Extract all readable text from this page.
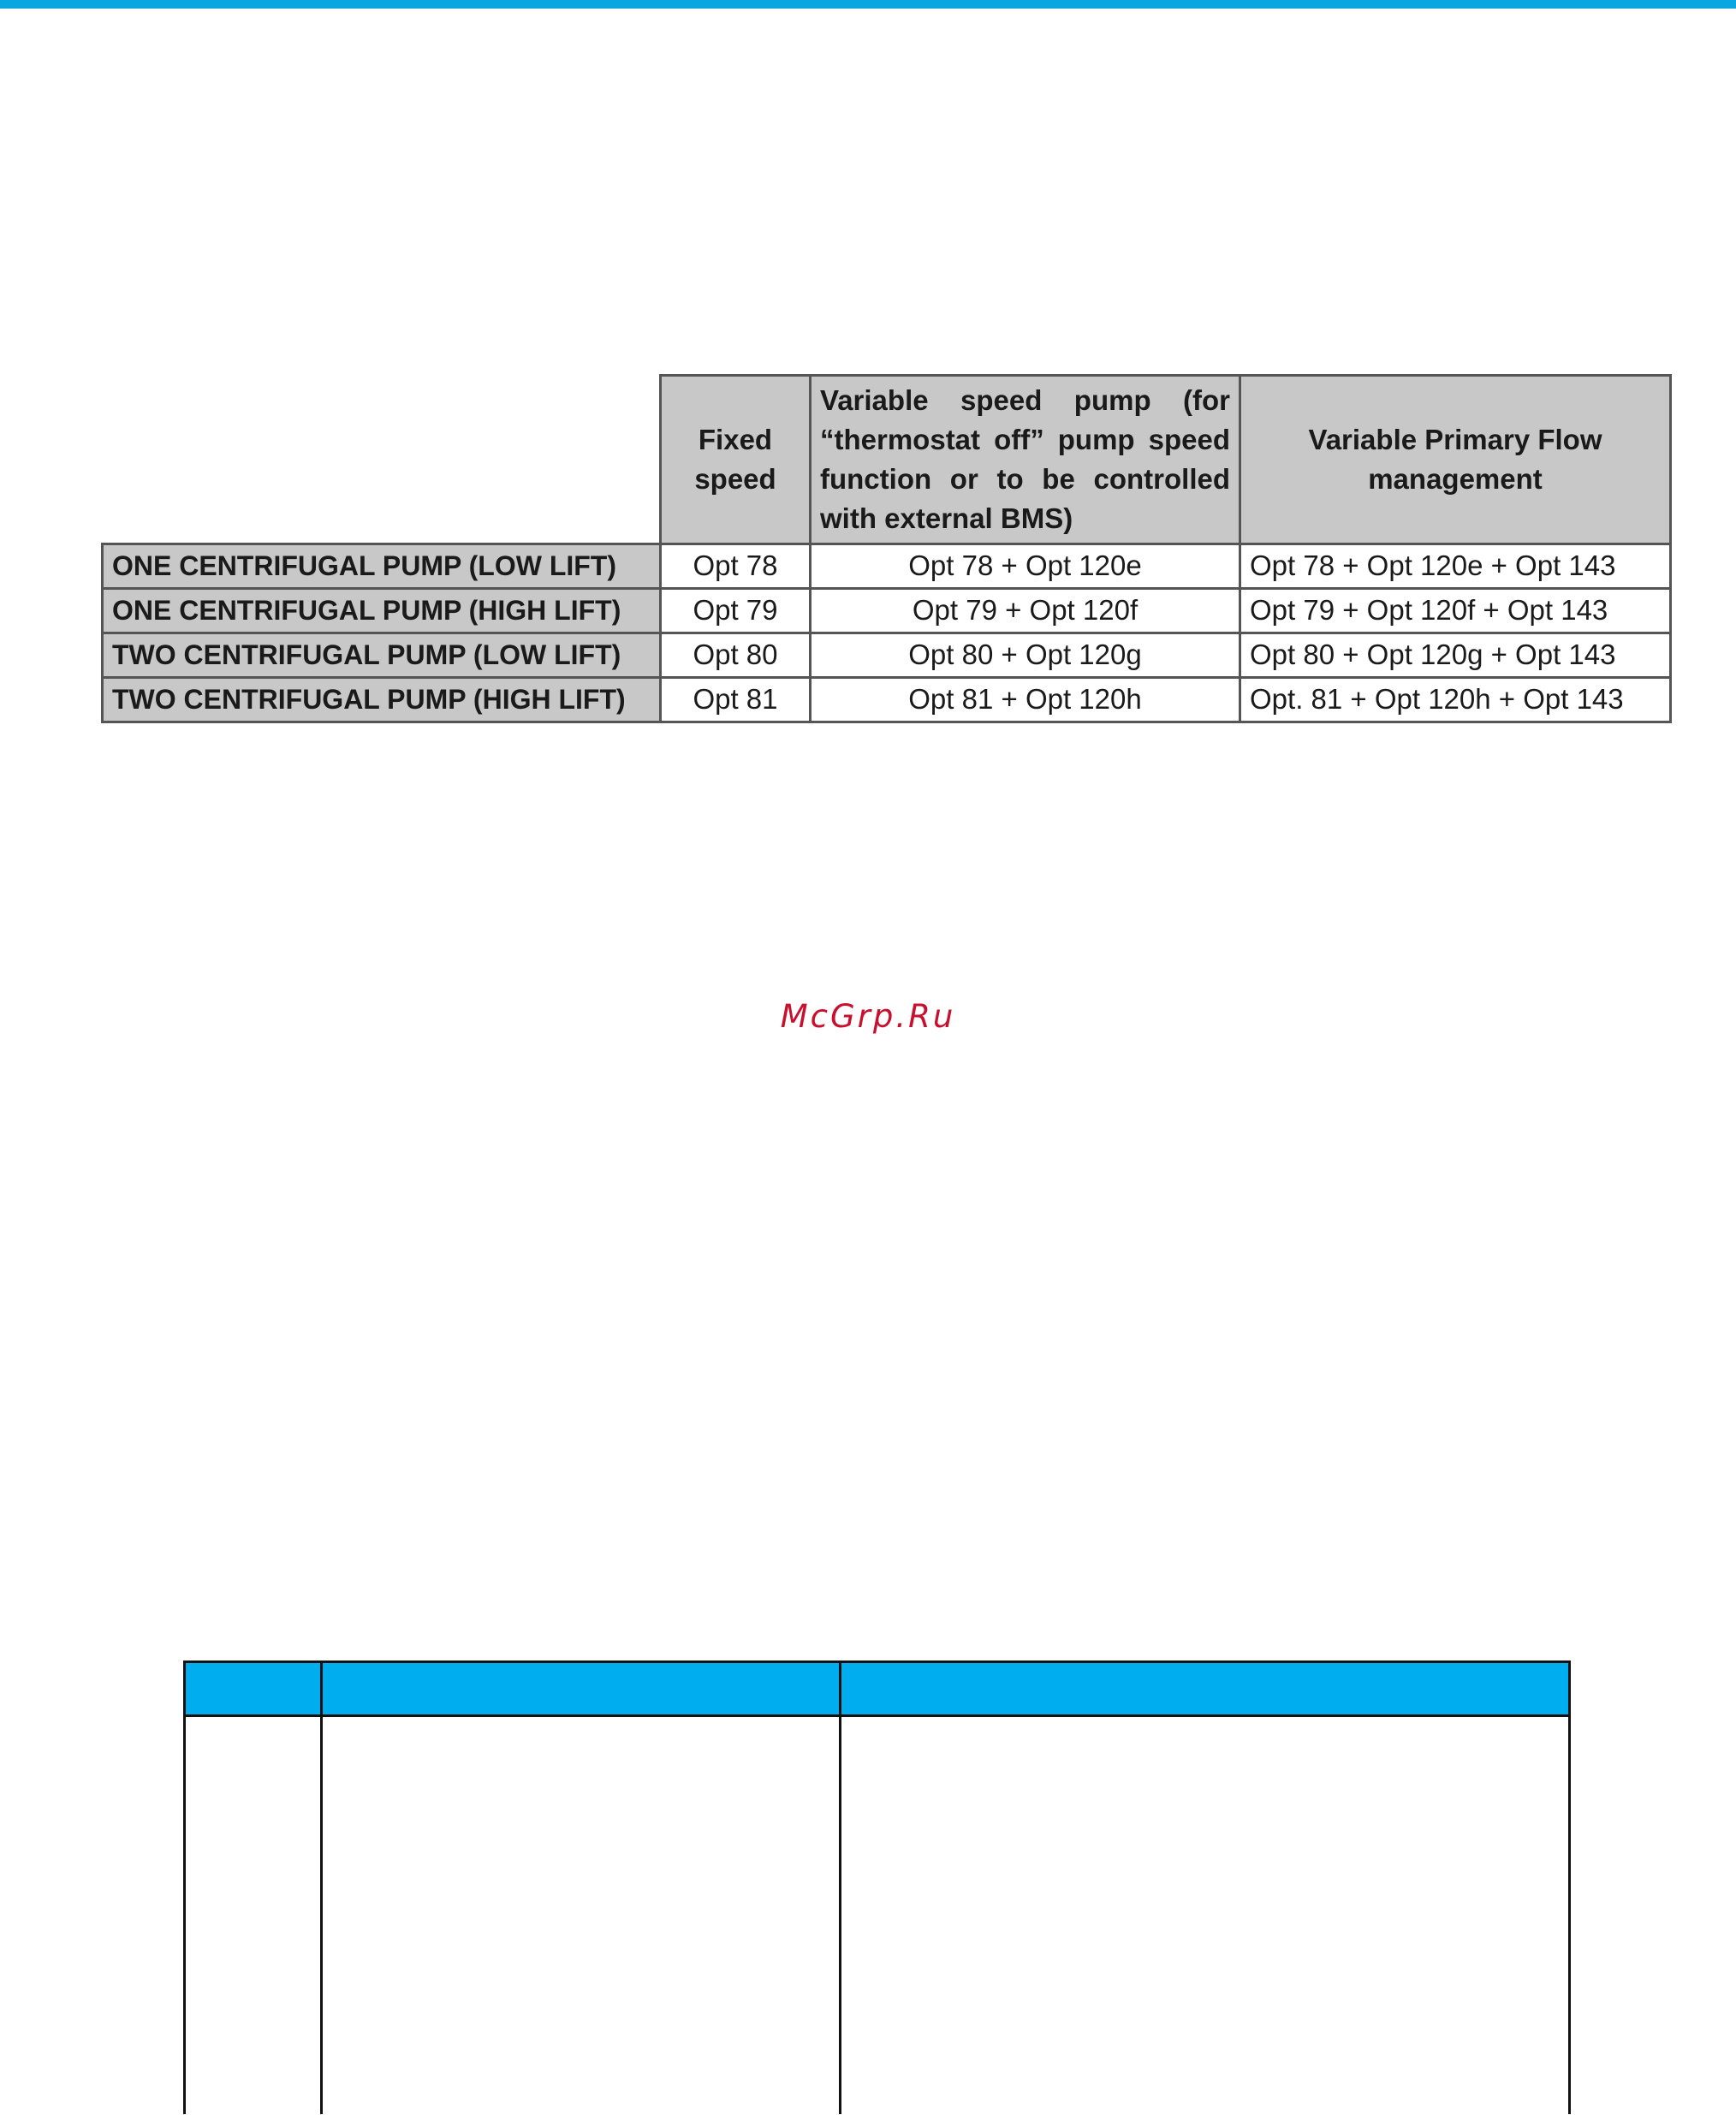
	Fixed speed	Variable speed pump (for “thermostat off” pump speed function or to be controlled with external BMS)	Variable Primary Flow management
ONE CENTRIFUGAL PUMP (LOW LIFT)	Opt 78	Opt 78 + Opt 120e	Opt 78 + Opt 120e + Opt 143
ONE CENTRIFUGAL PUMP (HIGH LIFT)	Opt 79	Opt 79 + Opt 120f	Opt 79 + Opt 120f + Opt 143
TWO CENTRIFUGAL PUMP (LOW LIFT)	Opt 80	Opt 80 + Opt 120g	Opt 80 + Opt 120g + Opt 143
TWO CENTRIFUGAL PUMP (HIGH LIFT)	Opt 81	Opt 81 + Opt 120h	Opt. 81 + Opt 120h + Opt 143
McGrp.Ru
